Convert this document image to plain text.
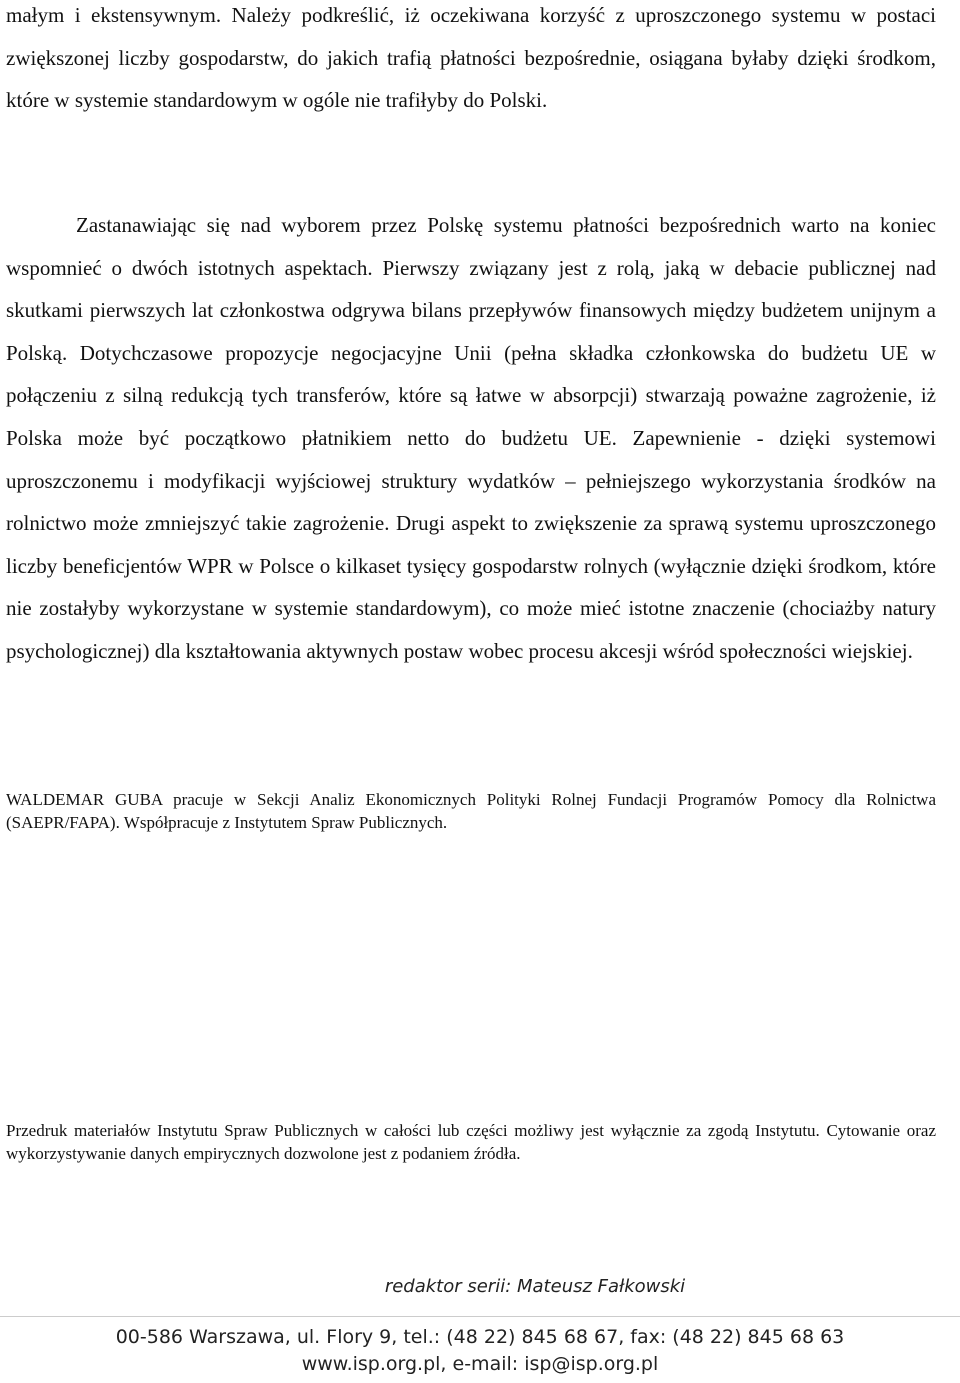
małym i ekstensywnym. Należy podkreślić, iż oczekiwana korzyść z uproszczonego systemu w postaci zwiększonej liczby gospodarstw, do jakich trafią płatności bezpośrednie, osiągana byłaby dzięki środkom, które w systemie standardowym w ogóle nie trafiłyby do Polski.

Zastanawiając się nad wyborem przez Polskę systemu płatności bezpośrednich warto na koniec wspomnieć o dwóch istotnych aspektach. Pierwszy związany jest z rolą, jaką w debacie publicznej nad skutkami pierwszych lat członkostwa odgrywa bilans przepływów finansowych między budżetem unijnym a Polską. Dotychczasowe propozycje negocjacyjne Unii (pełna składka członkowska do budżetu UE w połączeniu z silną redukcją tych transferów, które są łatwe w absorpcji) stwarzają poważne zagrożenie, iż Polska może być początkowo płatnikiem netto do budżetu UE. Zapewnienie - dzięki systemowi uproszczonemu i modyfikacji wyjściowej struktury wydatków – pełniejszego wykorzystania środków na rolnictwo może zmniejszyć takie zagrożenie. Drugi aspekt to zwiększenie za sprawą systemu uproszczonego liczby beneficjentów WPR w Polsce o kilkaset tysięcy gospodarstw rolnych (wyłącznie dzięki środkom, które nie zostałyby wykorzystane w systemie standardowym), co może mieć istotne znaczenie (chociażby natury psychologicznej) dla kształtowania aktywnych postaw wobec procesu akcesji wśród społeczności wiejskiej.

WALDEMAR GUBA pracuje w Sekcji Analiz Ekonomicznych Polityki Rolnej Fundacji Programów Pomocy dla Rolnictwa (SAEPR/FAPA). Współpracuje z Instytutem Spraw Publicznych.

Przedruk materiałów Instytutu Spraw Publicznych w całości lub części możliwy jest wyłącznie za zgodą Instytutu. Cytowanie oraz wykorzystywanie danych empirycznych dozwolone jest z podaniem źródła.

redaktor serii: Mateusz Fałkowski

00-586 Warszawa, ul. Flory 9, tel.: (48 22) 845 68 67, fax: (48 22) 845 68 63

www.isp.org.pl, e-mail: isp@isp.org.pl
